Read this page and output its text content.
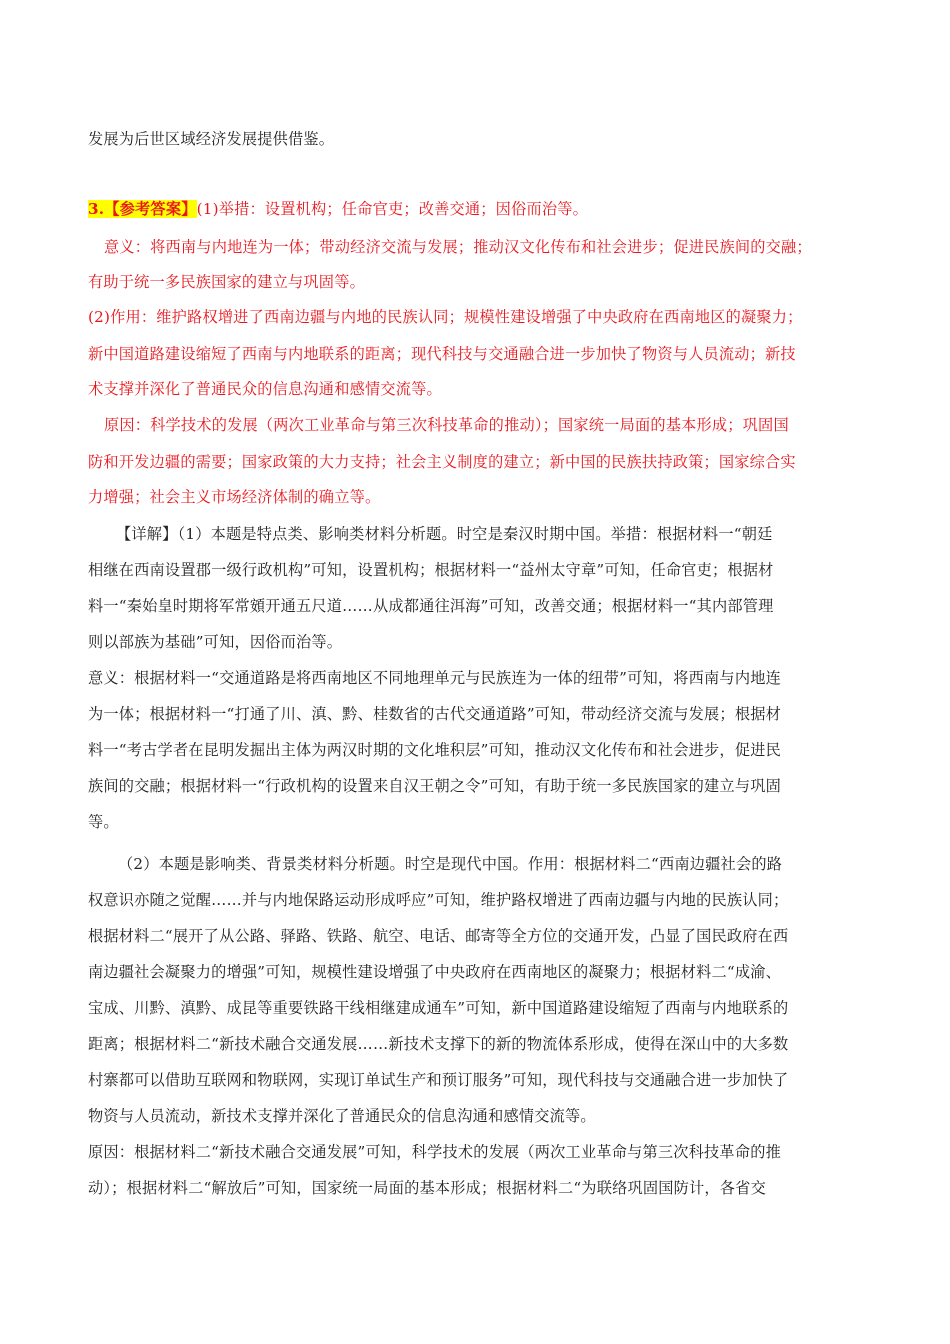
发展为后世区域经济发展提供借鉴。
3.【参考答案】(1)举措：设置机构；任命官吏；改善交通；因俗而治等。
意义：将西南与内地连为一体；带动经济交流与发展；推动汉文化传布和社会进步；促进民族间的交融；
有助于统一多民族国家的建立与巩固等。
(2)作用：维护路权增进了西南边疆与内地的民族认同；规模性建设增强了中央政府在西南地区的凝聚力；
新中国道路建设缩短了西南与内地联系的距离；现代科技与交通融合进一步加快了物资与人员流动；新技
术支撑并深化了普通民众的信息沟通和感情交流等。
原因：科学技术的发展（两次工业革命与第三次科技革命的推动）；国家统一局面的基本形成；巩固国
防和开发边疆的需要；国家政策的大力支持；社会主义制度的建立；新中国的民族扶持政策；国家综合实
力增强；社会主义市场经济体制的确立等。
【详解】（1）本题是特点类、影响类材料分析题。时空是秦汉时期中国。举措：根据材料一“朝廷
相继在西南设置郡一级行政机构”可知，设置机构；根据材料一“益州太守章”可知，任命官吏；根据材
料一“秦始皇时期将军常頞开通五尺道……从成都通往洱海”可知，改善交通；根据材料一“其内部管理
则以部族为基础”可知，因俗而治等。
意义：根据材料一“交通道路是将西南地区不同地理单元与民族连为一体的纽带”可知，将西南与内地连
为一体；根据材料一“打通了川、滇、黔、桂数省的古代交通道路”可知，带动经济交流与发展；根据材
料一“考古学者在昆明发掘出主体为两汉时期的文化堆积层”可知，推动汉文化传布和社会进步，促进民
族间的交融；根据材料一“行政机构的设置来自汉王朝之令”可知，有助于统一多民族国家的建立与巩固
等。
（2）本题是影响类、背景类材料分析题。时空是现代中国。作用：根据材料二“西南边疆社会的路
权意识亦随之觉醒……并与内地保路运动形成呼应”可知，维护路权增进了西南边疆与内地的民族认同；
根据材料二“展开了从公路、驿路、铁路、航空、电话、邮寄等全方位的交通开发，凸显了国民政府在西
南边疆社会凝聚力的增强”可知，规模性建设增强了中央政府在西南地区的凝聚力；根据材料二“成渝、
宝成、川黔、滇黔、成昆等重要铁路干线相继建成通车”可知，新中国道路建设缩短了西南与内地联系的
距离；根据材料二“新技术融合交通发展……新技术支撑下的新的物流体系形成，使得在深山中的大多数
村寨都可以借助互联网和物联网，实现订单试生产和预订服务”可知，现代科技与交通融合进一步加快了
物资与人员流动，新技术支撑并深化了普通民众的信息沟通和感情交流等。
原因：根据材料二“新技术融合交通发展”可知，科学技术的发展（两次工业革命与第三次科技革命的推
动）；根据材料二“解放后”可知，国家统一局面的基本形成；根据材料二“为联络巩固国防计，各省交
